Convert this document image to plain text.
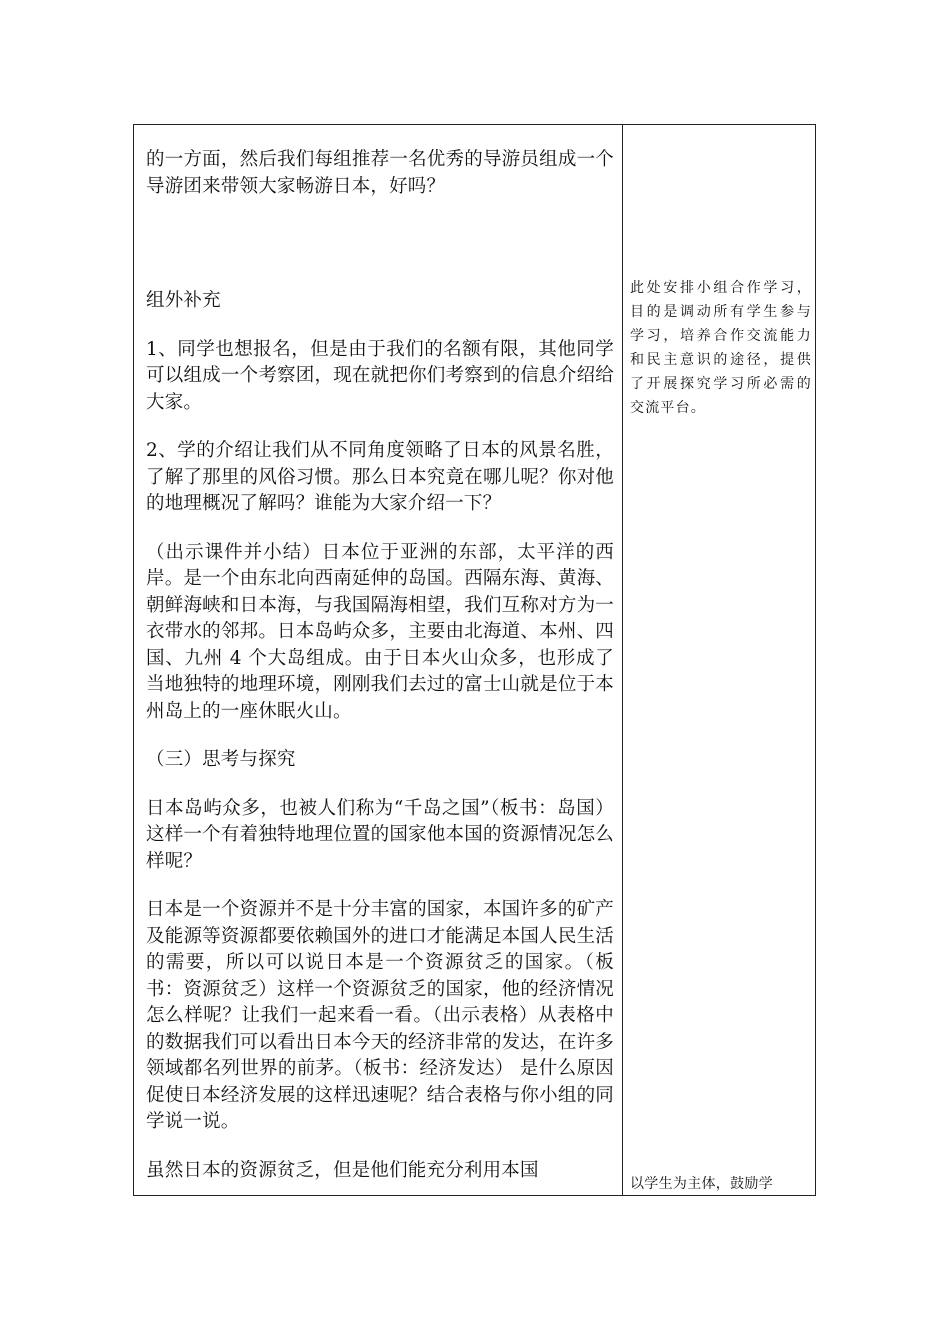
的一方面，然后我们每组推荐一名优秀的导游员组成一个导游团来带领大家畅游日本，好吗？

组外补充

1、同学也想报名，但是由于我们的名额有限，其他同学可以组成一个考察团，现在就把你们考察到的信息介绍给大家。

2、学的介绍让我们从不同角度领略了日本的风景名胜，了解了那里的风俗习惯。那么日本究竟在哪儿呢？你对他的地理概况了解吗？谁能为大家介绍一下？

（出示课件并小结）日本位于亚洲的东部，太平洋的西岸。是一个由东北向西南延伸的岛国。西隔东海、黄海、朝鲜海峡和日本海，与我国隔海相望，我们互称对方为一衣带水的邻邦。日本岛屿众多，主要由北海道、本州、四国、九州 4 个大岛组成。由于日本火山众多，也形成了当地独特的地理环境，刚刚我们去过的富士山就是位于本州岛上的一座休眠火山。

（三）思考与探究

日本岛屿众多，也被人们称为“千岛之国”（板书：岛国）这样一个有着独特地理位置的国家他本国的资源情况怎么样呢？

日本是一个资源并不是十分丰富的国家，本国许多的矿产及能源等资源都要依赖国外的进口才能满足本国人民生活的需要，所以可以说日本是一个资源贫乏的国家。（板书：资源贫乏）这样一个资源贫乏的国家，他的经济情况怎么样呢？让我们一起来看一看。（出示表格）从表格中的数据我们可以看出日本今天的经济非常的发达，在许多领域都名列世界的前茅。（板书：经济发达） 是什么原因促使日本经济发展的这样迅速呢？结合表格与你小组的同学说一说。

虽然日本的资源贫乏，但是他们能充分利用本国

此处安排小组合作学习，目的是调动所有学生参与学习，培养合作交流能力和民主意识的途径，提供了开展探究学习所必需的交流平台。

以学生为主体，鼓励学
